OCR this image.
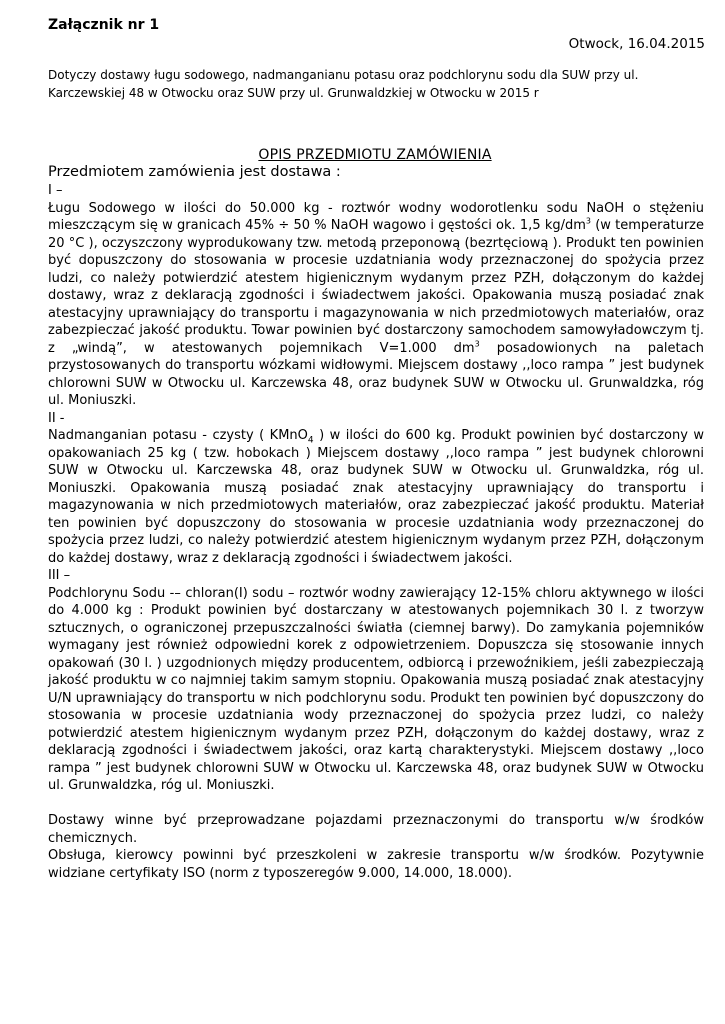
Załącznik nr 1
Otwock, 16.04.2015
Dotyczy dostawy ługu sodowego, nadmanganianu potasu oraz podchlorynu sodu dla SUW przy ul. Karczewskiej 48 w Otwocku oraz SUW przy ul. Grunwaldzkiej w Otwocku w 2015 r
OPIS PRZEDMIOTU ZAMÓWIENIA
Przedmiotem zamówienia jest dostawa :
I –

Ługu Sodowego w ilości do 50.000 kg - roztwór wodny wodorotlenku sodu NaOH o stężeniu mieszczącym się w granicach 45% ÷ 50 % NaOH wagowo i gęstości ok. 1,5 $kg/dm^3$ (w temperaturze 20 °C ), oczyszczony wyprodukowany tzw. metodą przeponową (bezrtęciową ). Produkt ten powinien być dopuszczony do stosowania w procesie uzdatniania wody przeznaczonej do spożycia przez ludzi, co należy potwierdzić atestem higienicznym wydanym przez PZH, dołączonym do każdej dostawy, wraz z deklaracją zgodności i świadectwem jakości. Opakowania muszą posiadać znak atestacyjny uprawniający do transportu i magazynowania w nich przedmiotowych materiałów, oraz zabezpieczać jakość produktu. Towar powinien być dostarczony samochodem samowyładowczym tj. z „windą”, w atestowanych pojemnikach V=1.000 $dm^3$ posadowionych na paletach przystosowanych do transportu wózkami widłowymi. Miejscem dostawy ,,loco rampa ” jest budynek chlorowni SUW w Otwocku ul. Karczewska 48, oraz budynek SUW w Otwocku ul. Grunwaldzka, róg ul. Moniuszki.

II -

Nadmanganian potasu - czysty ( KMnO$_4$ ) w ilości do 600 kg. Produkt powinien być dostarczony w opakowaniach 25 kg ( tzw. hobokach ) Miejscem dostawy ,,loco rampa ” jest budynek chlorowni SUW w Otwocku ul. Karczewska 48, oraz budynek SUW w Otwocku ul. Grunwaldzka, róg ul. Moniuszki. Opakowania muszą posiadać znak atestacyjny uprawniający do transportu i magazynowania w nich przedmiotowych materiałów, oraz zabezpieczać jakość produktu. Materiał ten powinien być dopuszczony do stosowania w procesie uzdatniania wody przeznaczonej do spożycia przez ludzi, co należy potwierdzić atestem higienicznym wydanym przez PZH, dołączonym do każdej dostawy, wraz z deklaracją zgodności i świadectwem jakości.

III –

Podchlorynu Sodu -– chloran(I) sodu – roztwór wodny zawierający 12-15% chloru aktywnego w ilości do 4.000 kg : Produkt powinien być dostarczany w atestowanych pojemnikach 30 l. z tworzyw sztucznych, o ograniczonej przepuszczalności światła (ciemnej barwy). Do zamykania pojemników wymagany jest również odpowiedni korek z odpowietrzeniem. Dopuszcza się stosowanie innych opakowań (30 l. ) uzgodnionych między producentem, odbiorcą i przewoźnikiem, jeśli zabezpieczają jakość produktu w co najmniej takim samym stopniu. Opakowania muszą posiadać znak atestacyjny U/N uprawniający do transportu w nich podchlorynu sodu. Produkt ten powinien być dopuszczony do stosowania w procesie uzdatniania wody przeznaczonej do spożycia przez ludzi, co należy potwierdzić atestem higienicznym wydanym przez PZH, dołączonym do każdej dostawy, wraz z deklaracją zgodności i świadectwem jakości, oraz kartą charakterystyki. Miejscem dostawy ,,loco rampa ” jest budynek chlorowni SUW w Otwocku ul. Karczewska 48, oraz budynek SUW w Otwocku ul. Grunwaldzka, róg ul. Moniuszki.

Dostawy winne być przeprowadzane pojazdami przeznaczonymi do transportu w/w środków chemicznych.

Obsługa, kierowcy powinni być przeszkoleni w zakresie transportu w/w środków. Pozytywnie widziane certyfikaty ISO (norm z typoszeregów 9.000, 14.000, 18.000).
